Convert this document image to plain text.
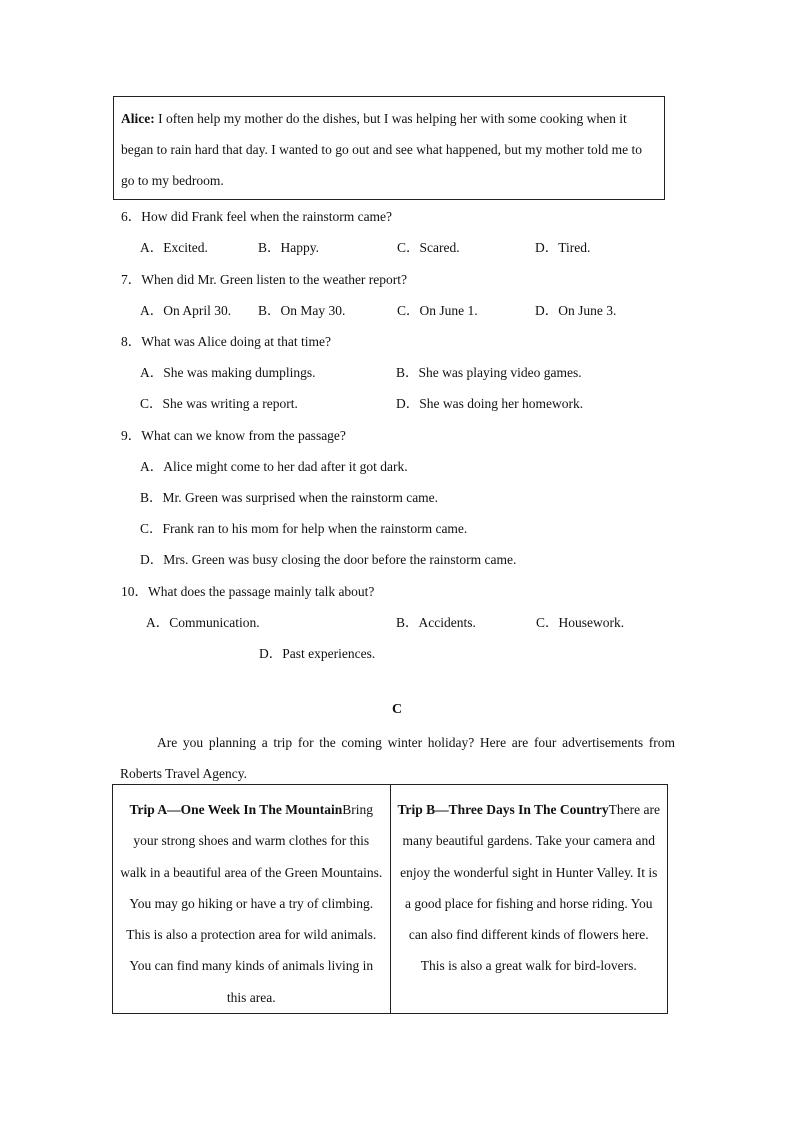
Alice: I often help my mother do the dishes, but I was helping her with some cooking when it began to rain hard that day. I wanted to go out and see what happened, but my mother told me to go to my bedroom.

6．How did Frank feel when the rainstorm came?
A．Excited.	B．Happy.	C．Scared.	D．Tired.
7．When did Mr. Green listen to the weather report?
A．On April 30. B．On May 30.	C．On June 1.	D．On June 3.
8．What was Alice doing at that time?
A．She was making dumplings.	B．She was playing video games.
C．She was writing a report.	D．She was doing her homework.
9．What can we know from the passage?
A．Alice might come to her dad after it got dark.
B．Mr. Green was surprised when the rainstorm came.
C．Frank ran to his mom for help when the rainstorm came.
D．Mrs. Green was busy closing the door before the rainstorm came.
10．What does the passage mainly talk about?
A．Communication.	B．Accidents.	C．Housework.
D．Past experiences.
C
Are you planning a trip for the coming winter holiday? Here are four advertisements from Roberts Travel Agency.
Trip A—One Week In The MountainBring your strong shoes and warm clothes for this walk in a beautiful area of the Green Mountains. You may go hiking or have a try of climbing. This is also a protection area for wild animals. You can find many kinds of animals living in this area.
Trip B—Three Days In The CountryThere are many beautiful gardens. Take your camera and enjoy the wonderful sight in Hunter Valley. It is a good place for fishing and horse riding. You can also find different kinds of flowers here. This is also a great walk for bird-lovers.
